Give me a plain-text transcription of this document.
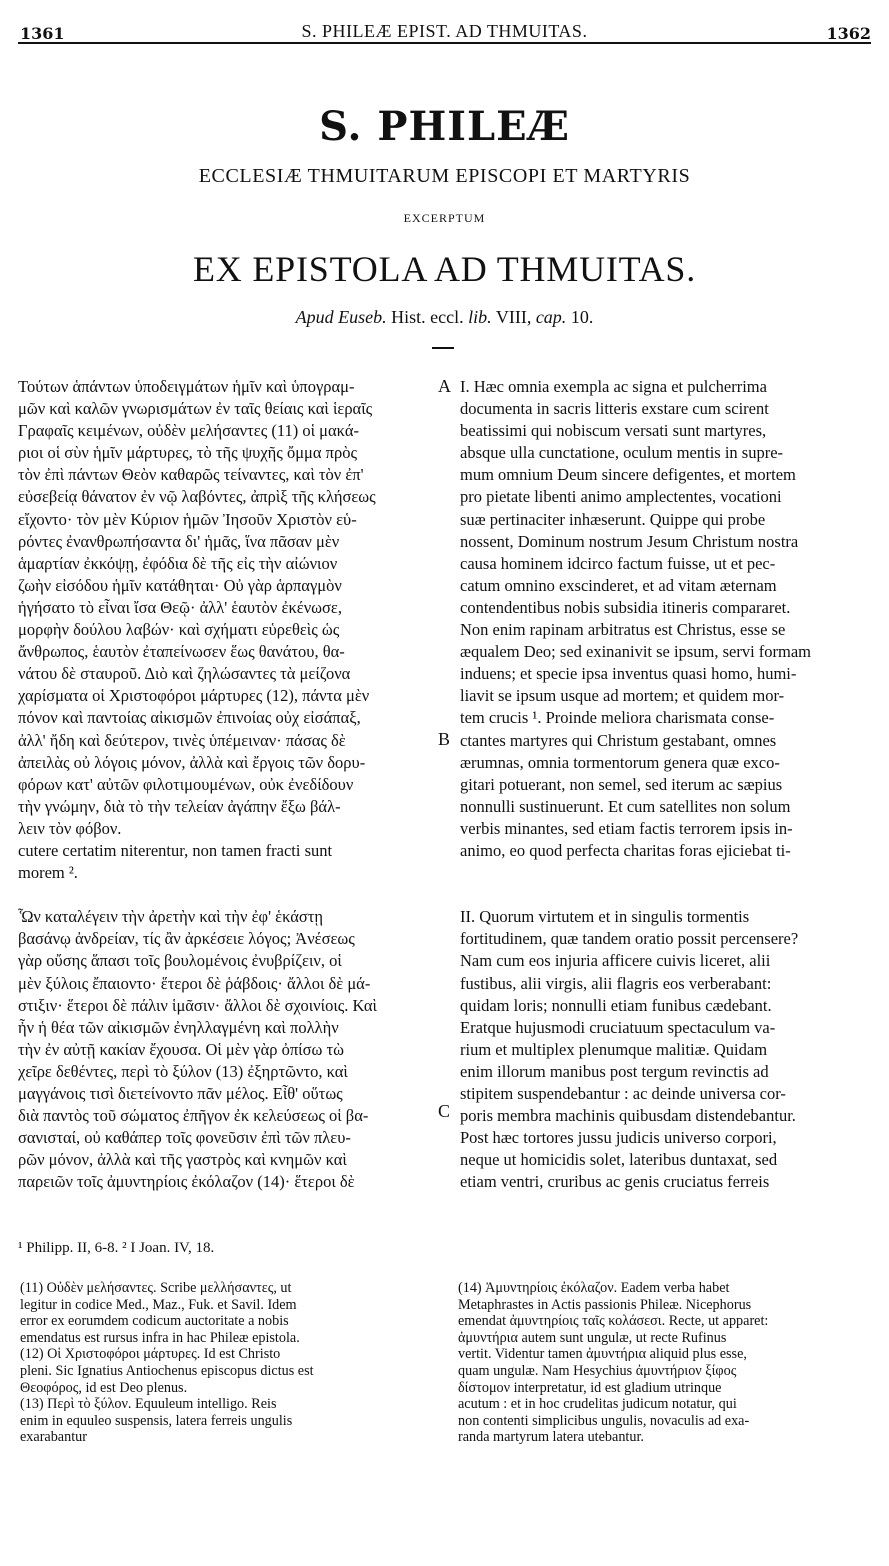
1361	S. PHILEÆ EPIST. AD THMUITAS.	1362
S. PHILEÆ
ECCLESIÆ THMUITARUM EPISCOPI ET MARTYRIS
EXCERPTUM
EX EPISTOLA AD THMUITAS.
Apud Euseb. Hist. eccl. lib. VIII, cap. 10.
Τούτων ἁπάντων ὑποδειγμάτων ἡμῖν καὶ ὑπογραμ-
μῶν καὶ καλῶν γνωρισμάτων ἐν ταῖς θείαις καὶ ἱεραῖς
Γραφαῖς κειμένων, οὐδὲν μελήσαντες (11) οἱ μακά-
ριοι οἱ σὺν ἡμῖν μάρτυρες, τὸ τῆς ψυχῆς ὄμμα πρὸς
τὸν ἐπὶ πάντων Θεὸν καθαρῶς τείναντες, καὶ τὸν ἐπ'
εὐσεβείᾳ θάνατον ἐν νῷ λαβόντες, ἀπρὶξ τῆς κλήσεως
εἴχοντο· τὸν μὲν Κύριον ἡμῶν Ἰησοῦν Χριστὸν εὑ-
ρόντες ἐνανθρωπήσαντα δι' ἡμᾶς, ἵνα πᾶσαν μὲν
ἁμαρτίαν ἐκκόψῃ, ἐφόδια δὲ τῆς εἰς τὴν αἰώνιον
ζωὴν εἰσόδου ἡμῖν κατάθηται· Οὐ γὰρ ἁρπαγμὸν
ἡγήσατο τὸ εἶναι ἴσα Θεῷ· ἀλλ' ἑαυτὸν ἐκένωσε,
μορφὴν δούλου λαβών· καὶ σχήματι εὑρεθεὶς ὡς
ἄνθρωπος, ἑαυτὸν ἐταπείνωσεν ἕως θανάτου, θα-
νάτου δὲ σταυροῦ. Διὸ καὶ ζηλώσαντες τὰ μείζονα
χαρίσματα οἱ Χριστοφόροι μάρτυρες (12), πάντα μὲν
πόνον καὶ παντοίας αἰκισμῶν ἐπινοίας οὐχ εἰσάπαξ,
ἀλλ' ἤδη καὶ δεύτερον, τινὲς ὑπέμειναν· πάσας δὲ
ἀπειλὰς οὐ λόγοις μόνον, ἀλλὰ καὶ ἔργοις τῶν δορυ-
φόρων κατ' αὐτῶν φιλοτιμουμένων, οὐκ ἐνεδίδουν
τὴν γνώμην, διὰ τὸ τὴν τελείαν ἀγάπην ἔξω βάλ-
λειν τὸν φόβον.
cutere certatim niterentur, non tamen fracti sunt
morem ².
Ὧν καταλέγειν τὴν ἀρετὴν καὶ τὴν ἐφ' ἑκάστῃ
βασάνῳ ἀνδρείαν, τίς ἂν ἀρκέσειε λόγος; Ἀνέσεως
γὰρ οὔσης ἅπασι τοῖς βουλομένοις ἐνυβρίζειν, οἱ
μὲν ξύλοις ἔπαιοντο· ἕτεροι δὲ ῥάβδοις· ἄλλοι δὲ μά-
στιξιν· ἕτεροι δὲ πάλιν ἱμᾶσιν· ἄλλοι δὲ σχοινίοις. Καὶ
ἦν ἡ θέα τῶν αἰκισμῶν ἐνηλλαγμένη καὶ πολλὴν
τὴν ἐν αὐτῇ κακίαν ἔχουσα. Οἱ μὲν γὰρ ὀπίσω τὼ
χεῖρε δεθέντες, περὶ τὸ ξύλον (13) ἐξηρτῶντο, καὶ
μαγγάνοις τισὶ διετείνοντο πᾶν μέλος. Εἶθ' οὕτως
διὰ παντὸς τοῦ σώματος ἐπῆγον ἐκ κελεύσεως οἱ βα-
σανισταί, οὐ καθάπερ τοῖς φονεῦσιν ἐπὶ τῶν πλευ-
ρῶν μόνον, ἀλλὰ καὶ τῆς γαστρὸς καὶ κνημῶν καὶ
παρειῶν τοῖς ἀμυντηρίοις ἐκόλαζον (14)· ἕτεροι δὲ
I. Hæc omnia exempla ac signa et pulcherrima
documenta in sacris litteris exstare cum scirent
beatissimi qui nobiscum versati sunt martyres,
absque ulla cunctatione, oculum mentis in supre-
mum omnium Deum sincere defigentes, et mortem
pro pietate libenti animo amplectentes, vocationi
suæ pertinaciter inhæserunt. Quippe qui probe
nossent, Dominum nostrum Jesum Christum nostra
causa hominem idcirco factum fuisse, ut et pec-
catum omnino exscinderet, et ad vitam æternam
contendentibus nobis subsidia itineris compararet.
Non enim rapinam arbitratus est Christus, esse se
æqualem Deo; sed exinanivit se ipsum, servi formam
induens; et specie ipsa inventus quasi homo, humi-
liavit se ipsum usque ad mortem; et quidem mor-
tem crucis ¹. Proinde meliora charismata conse-
ctantes martyres qui Christum gestabant, omnes
ærumnas, omnia tormentorum genera quæ exco-
gitari potuerant, non semel, sed iterum ac sæpius
nonnulli sustinuerunt. Et cum satellites non solum
verbis minantes, sed etiam factis terrorem ipsis in-
animo, eo quod perfecta charitas foras ejiciebat ti-
II. Quorum virtutem et in singulis tormentis
fortitudinem, quæ tandem oratio possit percensere?
Nam cum eos injuria afficere cuivis liceret, alii
fustibus, alii virgis, alii flagris eos verberabant:
quidam loris; nonnulli etiam funibus cædebant.
Eratque hujusmodi cruciatuum spectaculum va-
rium et multiplex plenumque malitiæ. Quidam
enim illorum manibus post tergum revinctis ad
stipitem suspendebantur : ac deinde universa cor-
poris membra machinis quibusdam distendebantur.
Post hæc tortores jussu judicis universo corpori,
neque ut homicidis solet, lateribus duntaxat, sed
etiam ventri, cruribus ac genis cruciatus ferreis
A
B
C
¹ Philipp. II, 6-8. ² I Joan. IV, 18.
(11) Οὐδὲν μελήσαντες. Scribe μελλήσαντες, ut
legitur in codice Med., Maz., Fuk. et Savil. Idem
error ex eorumdem codicum auctoritate a nobis
emendatus est rursus infra in hac Phileæ epistola.
(12) Οἱ Χριστοφόροι μάρτυρες. Id est Christo
pleni. Sic Ignatius Antiochenus episcopus dictus est
Θεοφόρος, id est Deo plenus.
(13) Περὶ τὸ ξύλον. Equuleum intelligo. Reis
enim in equuleo suspensis, latera ferreis ungulis
exarabantur
(14) Ἀμυντηρίοις ἐκόλαζον. Eadem verba habet
Metaphrastes in Actis passionis Phileæ. Nicephorus
emendat ἀμυντηρίοις ταῖς κολάσεσι. Recte, ut apparet:
ἀμυντήρια autem sunt ungulæ, ut recte Rufinus
vertit. Videntur tamen ἀμυντήρια aliquid plus esse,
quam ungulæ. Nam Hesychius ἀμυντήριον ξίφος
δίστομον interpretatur, id est gladium utrinque
acutum : et in hoc crudelitas judicum notatur, qui
non contenti simplicibus ungulis, novaculis ad exa-
randa martyrum latera utebantur.
